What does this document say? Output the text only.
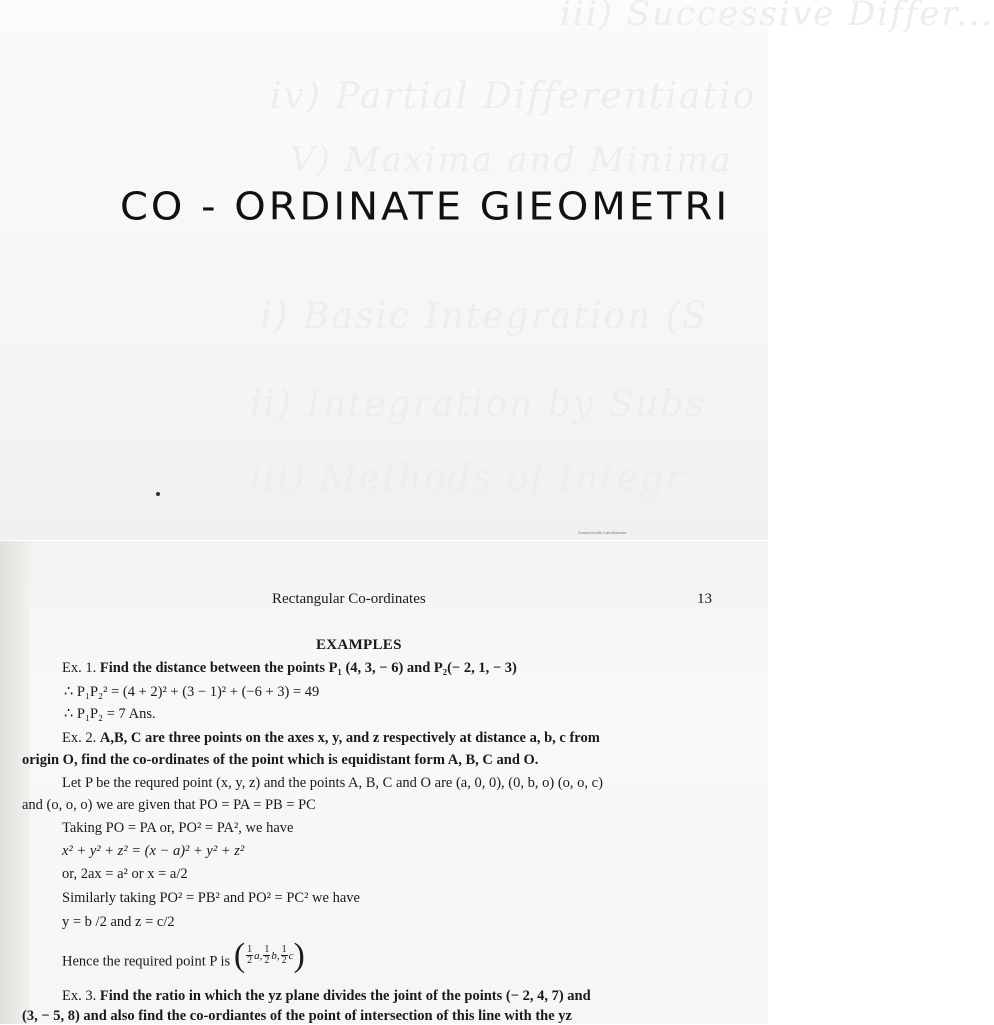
iii) Successive Differ...
iv) Partial Differentiatio
V) Maxima and Minima
i) Basic Integration (S
ii) Integration by Subs
iii) Methods of Integr
CO - ORDINATE GIEOMETRI
Scanned with CamScanner
Rectangular Co-ordinates	13
EXAMPLES
Ex. 1. Find the distance between the points P₁ (4, 3, − 6) and P₂(− 2, 1, − 3)
∴ P₁P₂² = (4 + 2)² + (3 − 1)² + (−6 + 3) = 49
∴ P₁P₂ = 7 Ans.
Ex. 2. A,B, C are three points on the axes x, y, and z respectively at distance a, b, c from
origin O, find the co-ordinates of the point which is equidistant form A, B, C and O.
Let P be the requred point (x, y, z) and the points A, B, C and O are (a, 0, 0), (0, b, o) (o, o, c)
and (o, o, o) we are given that PO = PA = PB = PC
Taking PO = PA or, PO² = PA², we have
x² + y² + z² = (x − a)² + y² + z²
or, 2ax = a² or x = a/2
Similarly taking PO² = PB² and PO² = PC² we have
y = b /2 and z = c/2
Hence the required point P is ( $\frac{1}{2} a$, $\frac{1}{2} b$, $\frac{1}{2}$ c )
Ex. 3. Find the ratio in which the yz plane divides the joint of the points (− 2, 4, 7) and
(3, − 5, 8) and also find the co-ordiantes of the point of intersection of this line with the yz
